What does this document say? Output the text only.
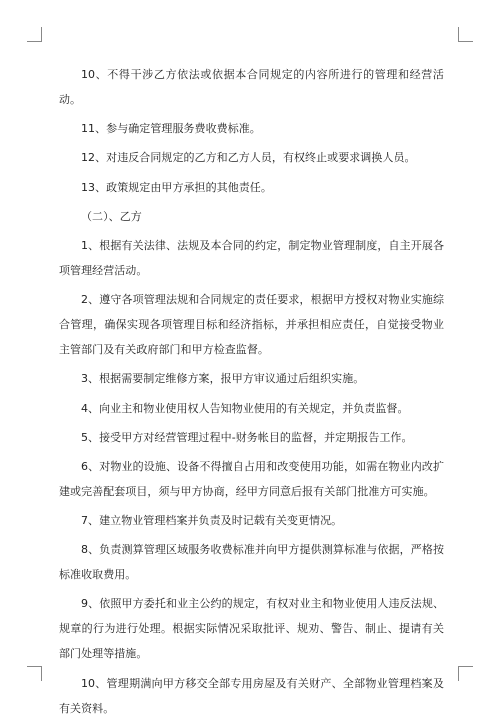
10、不得干涉乙方依法或依据本合同规定的内容所进行的管理和经营活动。

11、参与确定管理服务费收费标准。

12、对违反合同规定的乙方和乙方人员，有权终止或要求调换人员。

13、政策规定由甲方承担的其他责任。

（二）、乙方

1、根据有关法律、法规及本合同的约定，制定物业管理制度，自主开展各项管理经营活动。

2、遵守各项管理法规和合同规定的责任要求，根据甲方授权对物业实施综合管理，确保实现各项管理目标和经济指标，并承担相应责任，自觉接受物业主管部门及有关政府部门和甲方检查监督。

3、根据需要制定维修方案，报甲方审议通过后组织实施。

4、向业主和物业使用权人告知物业使用的有关规定，并负责监督。

5、接受甲方对经营管理过程中-财务帐目的监督，并定期报告工作。

6、对物业的设施、设备不得擅自占用和改变使用功能，如需在物业内改扩建或完善配套项目，须与甲方协商，经甲方同意后报有关部门批准方可实施。

7、建立物业管理档案并负责及时记载有关变更情况。

8、负责测算管理区域服务收费标准并向甲方提供测算标准与依据，严格按标准收取费用。

9、依照甲方委托和业主公约的规定，有权对业主和物业使用人违反法规、规章的行为进行处理。根据实际情况采取批评、规劝、警告、制止、提请有关部门处理等措施。

10、管理期满向甲方移交全部专用房屋及有关财产、全部物业管理档案及有关资料。
